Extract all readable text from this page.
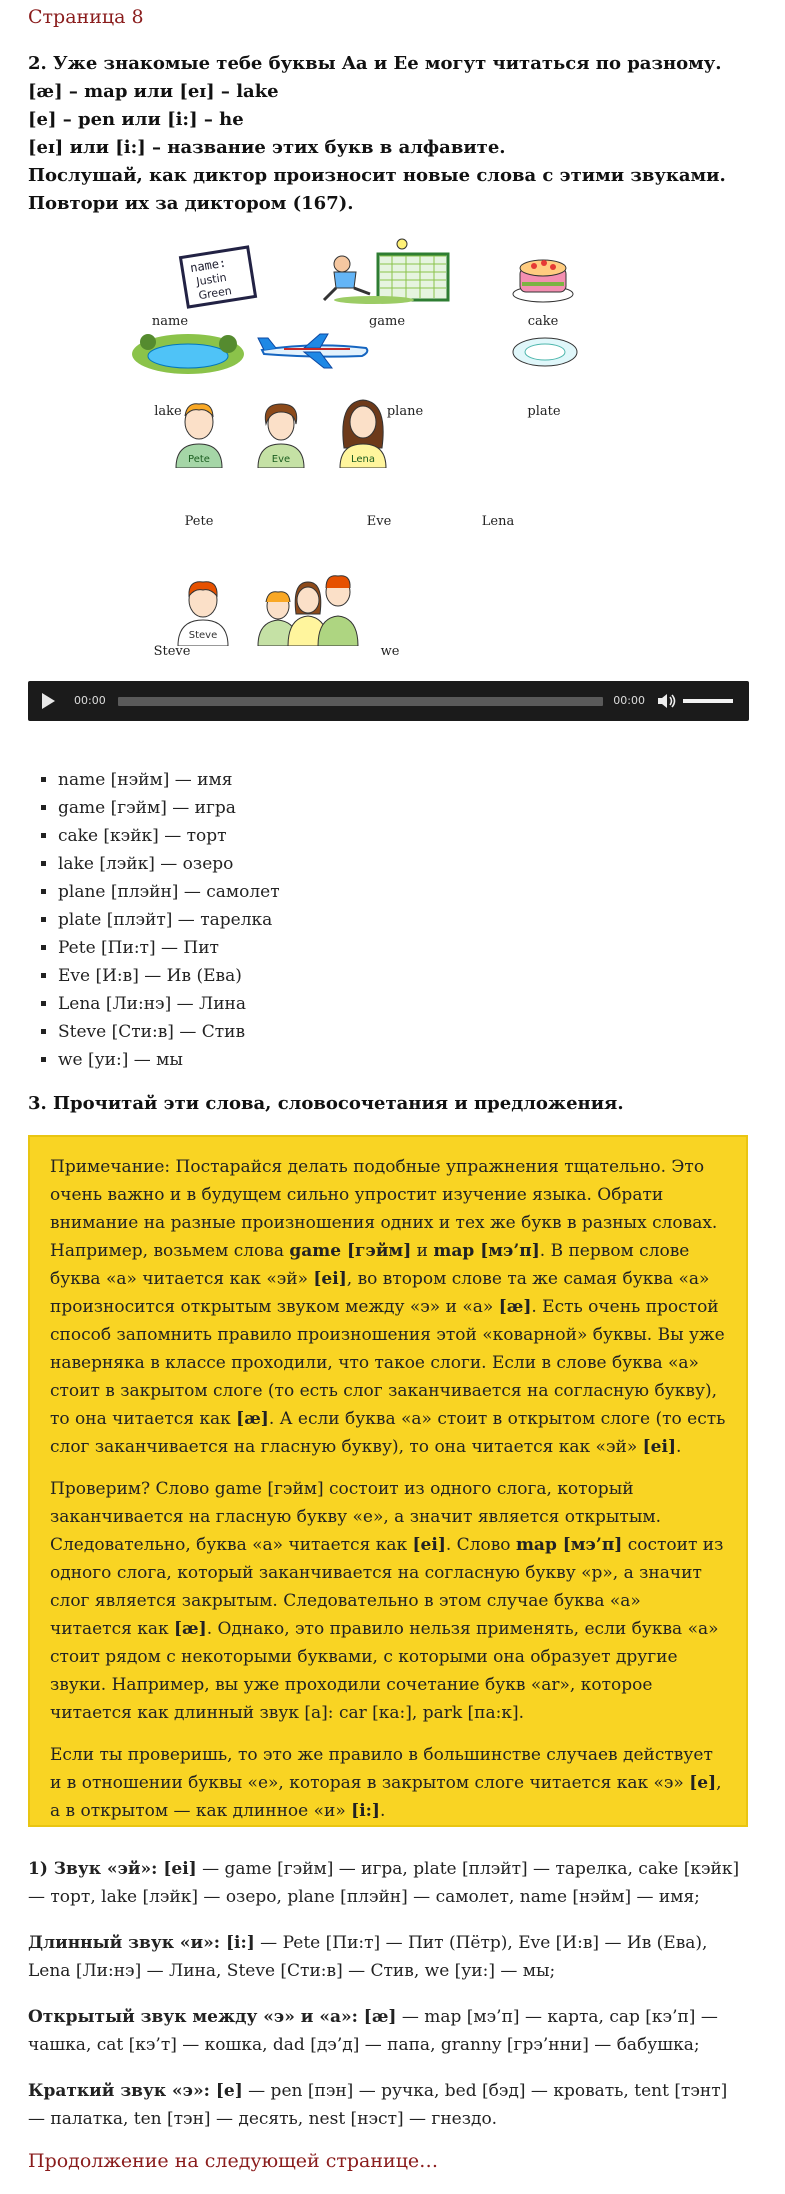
Страница 8
2. Уже знакомые тебе буквы Aa и Ee могут читаться по разному.
[æ] – map или [eɪ] – lake
[e] – pen или [i:] – he
[eɪ] или [i:] – название этих букв в алфавите.
Послушай, как диктор произносит новые слова с этими звуками.
Повтори их за диктором (167).
name:
Justin
Green
Pete	Eve	Lena
Steve
name	game	cake
lake	plane	plate
Pete	Eve	Lena
Steve	we
00:00	00:00
▪ name [нэйм] — имя
▪ game [гэйм] — игра
▪ cake [кэйк] — торт
▪ lake [лэйк] — озеро
▪ plane [плэйн] — самолет
▪ plate [плэйт] — тарелка
▪ Pete [Пи:т] — Пит
▪ Eve [И:в] — Ив (Ева)
▪ Lena [Ли:нэ] — Лина
▪ Steve [Сти:в] — Стив
▪ we [уи:] — мы
3. Прочитай эти слова, словосочетания и предложения.

Примечание: Постарайся делать подобные упражнения тщательно. Это очень важно и в будущем сильно упростит изучение языка. Обрати внимание на разные произношения одних и тех же букв в разных словах. Например, возьмем слова game [гэйм] и map [мэ’п]. В первом слове буква «а» читается как «эй» [ei], во втором слове та же самая буква «а» произносится открытым звуком между «э» и «а» [æ]. Есть очень простой способ запомнить правило произношения этой «коварной» буквы. Вы уже наверняка в классе проходили, что такое слоги. Если в слове буква «а» стоит в закрытом слоге (то есть слог заканчивается на согласную букву), то она читается как [æ]. А если буква «а» стоит в открытом слоге (то есть слог заканчивается на гласную букву), то она читается как «эй» [ei].

Проверим? Слово game [гэйм] состоит из одного слога, который заканчивается на гласную букву «е», а значит является открытым. Следовательно, буква «а» читается как [ei]. Слово map [мэ’п] состоит из одного слога, который заканчивается на согласную букву «р», а значит слог является закрытым. Следовательно в этом случае буква «а» читается как [æ]. Однако, это правило нельзя применять, если буква «а» стоит рядом с некоторыми буквами, с которыми она образует другие звуки. Например, вы уже проходили сочетание букв «ar», которое читается как длинный звук [a]: car [ка:], park [па:к].

Если ты проверишь, то это же правило в большинстве случаев действует и в отношении буквы «е», которая в закрытом слоге читается как «э» [e], а в открытом — как длинное «и» [i:].

1) Звук «эй»: [ei] — game [гэйм] — игра, plate [плэйт] — тарелка, cake [кэйк] — торт, lake [лэйк] — озеро, plane [плэйн] — самолет, name [нэйм] — имя;

Длинный звук «и»: [i:] — Pete [Пи:т] — Пит (Пётр), Eve [И:в] — Ив (Ева), Lena [Ли:нэ] — Лина, Steve [Сти:в] — Стив, we [уи:] — мы;

Открытый звук между «э» и «а»: [æ] — map [мэ’п] — карта, cap [кэ’п] — чашка, cat [кэ’т] — кошка, dad [дэ’д] — папа, granny [грэ’нни] — бабушка;

Краткий звук «э»: [e] — pen [пэн] — ручка, bed [бэд] — кровать, tent [тэнт] — палатка, ten [тэн] — десять, nest [нэст] — гнездо.

Продолжение на следующей странице…
